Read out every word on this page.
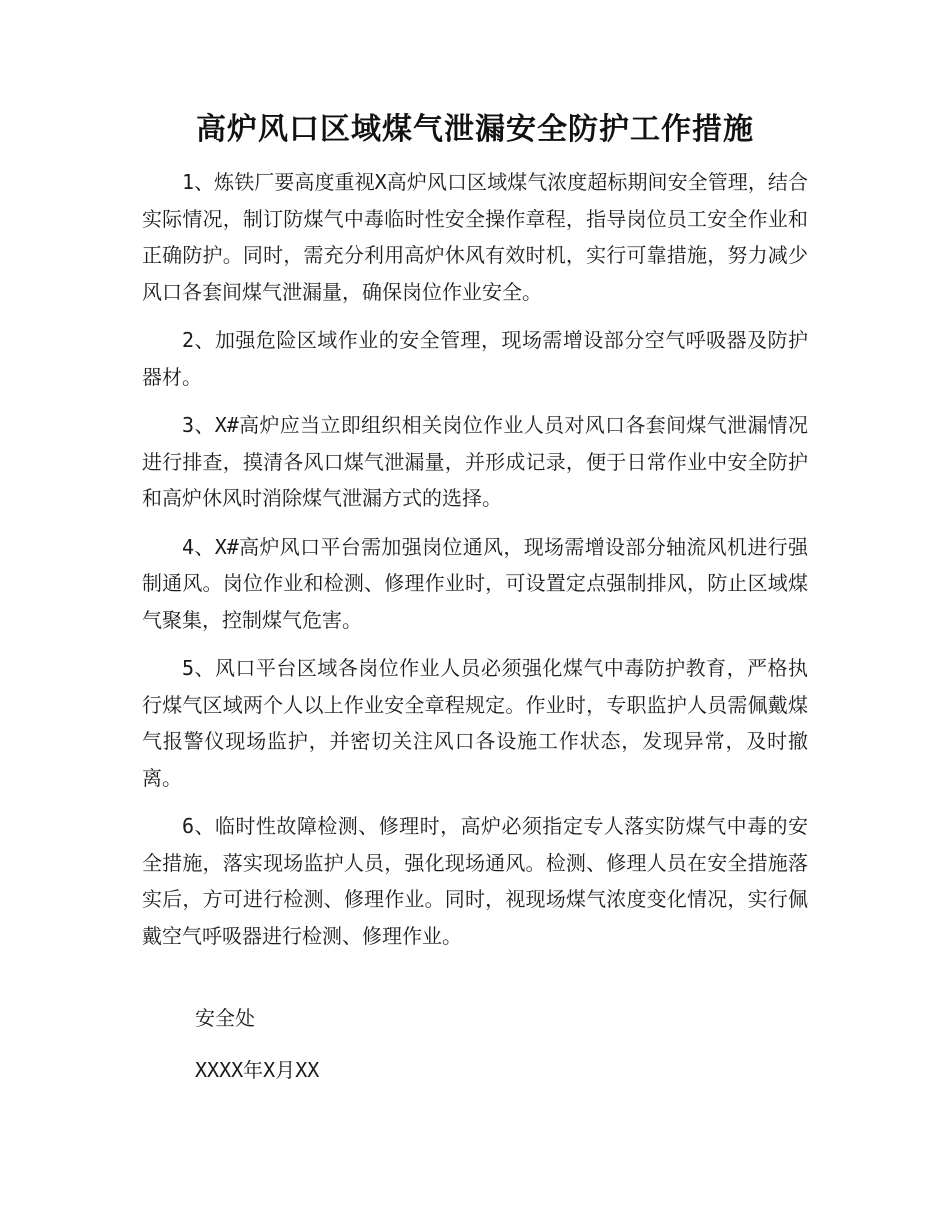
高炉风口区域煤气泄漏安全防护工作措施

1、炼铁厂要高度重视X高炉风口区域煤气浓度超标期间安全管理，结合实际情况，制订防煤气中毒临时性安全操作章程，指导岗位员工安全作业和正确防护。同时，需充分利用高炉休风有效时机，实行可靠措施，努力减少风口各套间煤气泄漏量，确保岗位作业安全。

2、加强危险区域作业的安全管理，现场需增设部分空气呼吸器及防护器材。

3、X#高炉应当立即组织相关岗位作业人员对风口各套间煤气泄漏情况进行排查，摸清各风口煤气泄漏量，并形成记录，便于日常作业中安全防护和高炉休风时消除煤气泄漏方式的选择。

4、X#高炉风口平台需加强岗位通风，现场需增设部分轴流风机进行强制通风。岗位作业和检测、修理作业时，可设置定点强制排风，防止区域煤气聚集，控制煤气危害。

5、风口平台区域各岗位作业人员必须强化煤气中毒防护教育，严格执行煤气区域两个人以上作业安全章程规定。作业时，专职监护人员需佩戴煤气报警仪现场监护，并密切关注风口各设施工作状态，发现异常，及时撤离。

6、临时性故障检测、修理时，高炉必须指定专人落实防煤气中毒的安全措施，落实现场监护人员，强化现场通风。检测、修理人员在安全措施落实后，方可进行检测、修理作业。同时，视现场煤气浓度变化情况，实行佩戴空气呼吸器进行检测、修理作业。

安全处
XXXX年X月XX
